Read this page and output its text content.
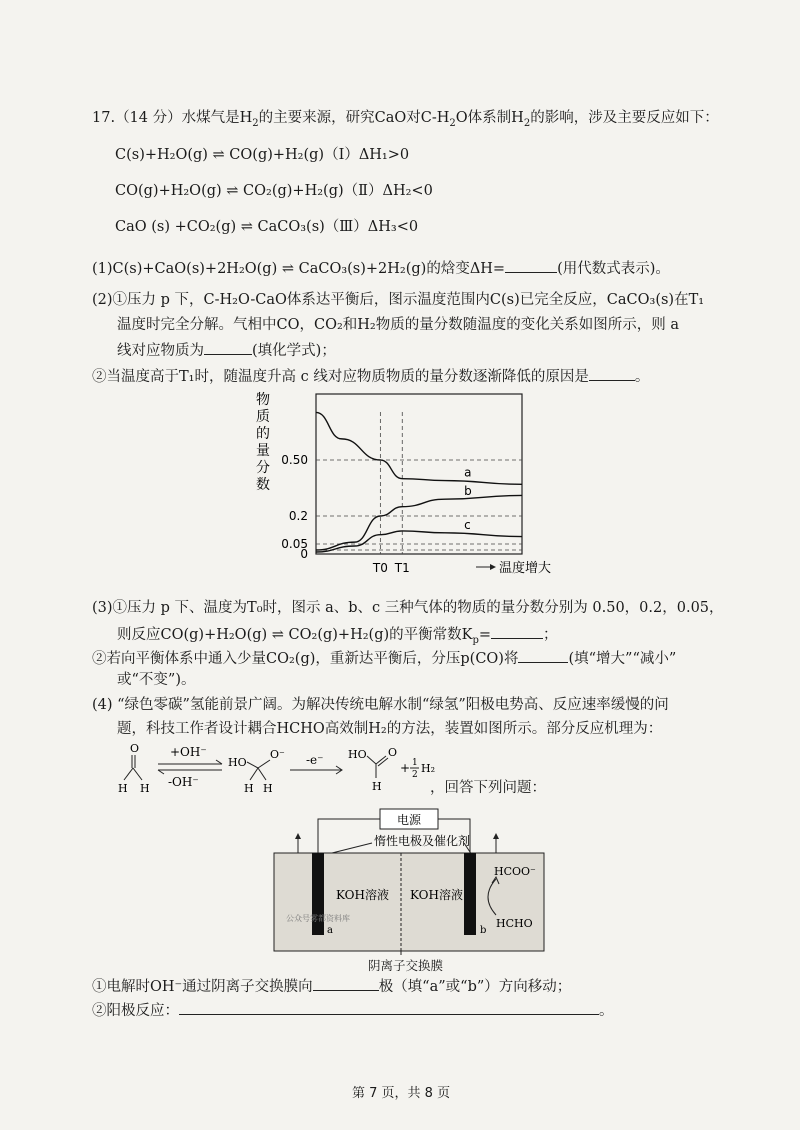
17.（14 分）水煤气是$H_2$的主要来源，研究CaO对$C-H_2O$体系制$H_2$的影响，涉及主要反应如下：
C(s)+H₂O(g) ⇌ CO(g)+H₂(g)（Ⅰ）ΔH₁>0
CO(g)+H₂O(g) ⇌ CO₂(g)+H₂(g)（Ⅱ）ΔH₂<0
CaO (s) +CO₂(g) ⇌ CaCO₃(s)（Ⅲ）ΔH₃<0
(1)C(s)+CaO(s)+2H₂O(g) ⇌ CaCO₃(s)+2H₂(g)的焓变ΔH=	(用代数式表示)。
(2)①压力 p 下，C-H₂O-CaO体系达平衡后，图示温度范围内C(s)已完全反应，CaCO₃(s)在T₁
温度时完全分解。气相中CO，CO₂和H₂物质的量分数随温度的变化关系如图所示，则 a
线对应物质为	(填化学式)；
②当温度高于T₁时，随温度升高 c 线对应物质物质的量分数逐渐降低的原因是	。
物
质
的
量
分
数
0.50
0.2
0.05
0
T0 T1
a
b
c
温度增大
(3)①压力 p 下、温度为T₀时，图示 a、b、c 三种气体的物质的量分数分别为 0.50，0.2，0.05，
则反应CO(g)+H₂O(g) ⇌ CO₂(g)+H₂(g)的平衡常数$K_p=$	；
②若向平衡体系中通入少量CO₂(g)，重新达平衡后，分压p(CO)将	(填“增大”“减小”
或“不变”)。
(4) “绿色零碳”氢能前景广阔。为解决传统电解水制“绿氢”阳极电势高、反应速率缓慢的问
题，科技工作者设计耦合HCHO高效制H₂的方法，装置如图所示。部分反应机理为：
O
H H
+OH⁻
-OH⁻
HO
O⁻
H H
-e⁻ HO O
H
+ 1
2 H₂
，回答下列问题：
电源
惰性电极及催化剂
a	b
KOH溶液 KOH溶液
公众号雾都资料库
HCOO⁻
HCHO
阴离子交换膜
①电解时OH⁻通过阴离子交换膜向	极（填“a”或“b”）方向移动；
②阳极反应：	。
第 7 页，共 8 页
